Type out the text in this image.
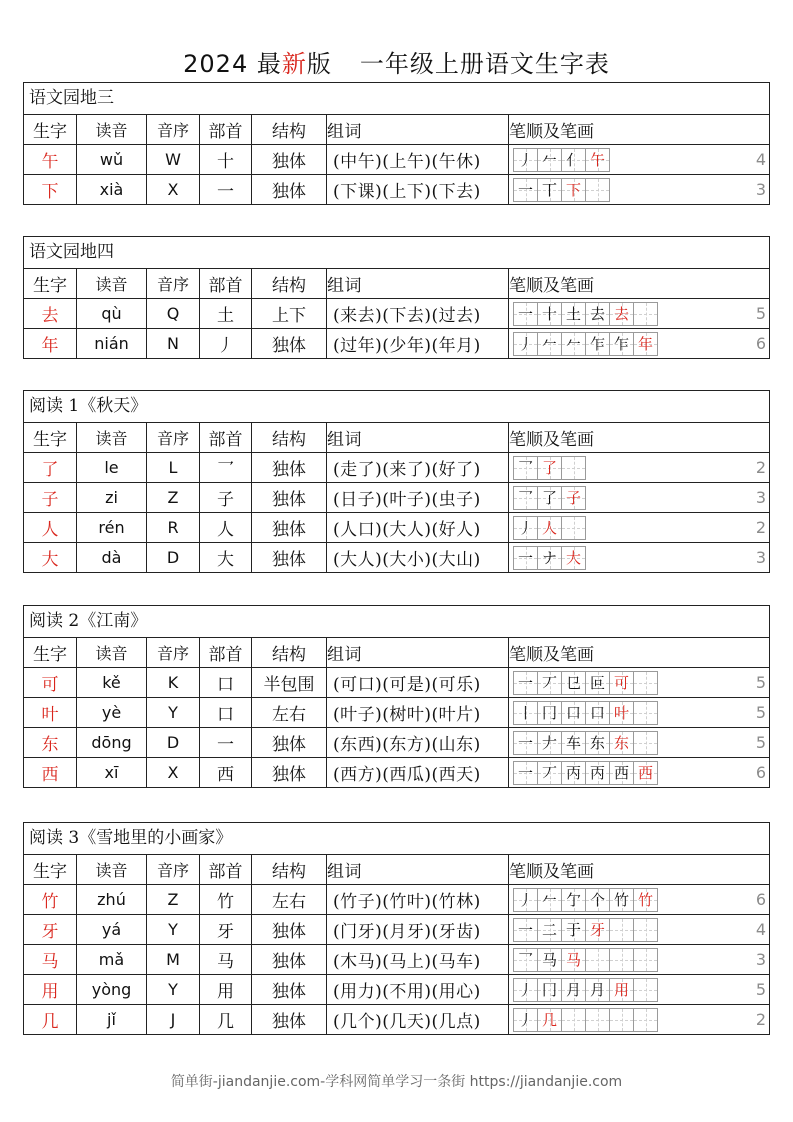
2024 最新版 一年级上册语文生字表
语文园地三
生字	读音	音序	部首	结构	组词	笔顺及笔画
午	wǔ	W	十	独体	(中午)(上午)(午休)	丿 𠂉 亻 午	4
下	xià	X	一	独体	(下课)(上下)(下去)	一 丅 下	3
语文园地四
生字	读音	音序	部首	结构	组词	笔顺及笔画
去	qù	Q	土	上下	(来去)(下去)(过去)	一 十 土 去 去	5
年	nián	N	丿	独体	(过年)(少年)(年月)	丿 𠂉 𠂉 乍 乍 年	6
阅读 1《秋天》
生字	读音	音序	部首	结构	组词	笔顺及笔画
了	le	L	乛	独体	(走了)(来了)(好了)	乛 了	2
子	zi	Z	子	独体	(日子)(叶子)(虫子)	乛 了 子	3
人	rén	R	人	独体	(人口)(大人)(好人)	丿 人	2
大	dà	D	大	独体	(大人)(大小)(大山)	一 ナ 大	3
阅读 2《江南》
生字	读音	音序	部首	结构	组词	笔顺及笔画
可	kě	K	口	半包围	(可口)(可是)(可乐)	一 丆 㔾 叵 可	5
叶	yè	Y	口	左右	(叶子)(树叶)(叶片)	丨 冂 口 口 叶	5
东	dōng	D	一	独体	(东西)(东方)(山东)	一 𠂇 车 东 东	5
西	xī	X	西	独体	(西方)(西瓜)(西天)	一 丆 丙 丙 西 西	6
阅读 3《雪地里的小画家》
生字	读音	音序	部首	结构	组词	笔顺及笔画
竹	zhú	Z	竹	左右	(竹子)(竹叶)(竹林)	丿 𠂉 亇 个 竹 竹	6
牙	yá	Y	牙	独体	(门牙)(月牙)(牙齿)	一 二 于 牙	4
马	mǎ	M	马	独体	(木马)(马上)(马车)	乛 马 马	3
用	yòng	Y	用	独体	(用力)(不用)(用心)	丿 冂 月 月 用	5
几	jǐ	J	几	独体	(几个)(几天)(几点)	丿 几	2
简单街-jiandanjie.com-学科网简单学习一条街 https://jiandanjie.com
